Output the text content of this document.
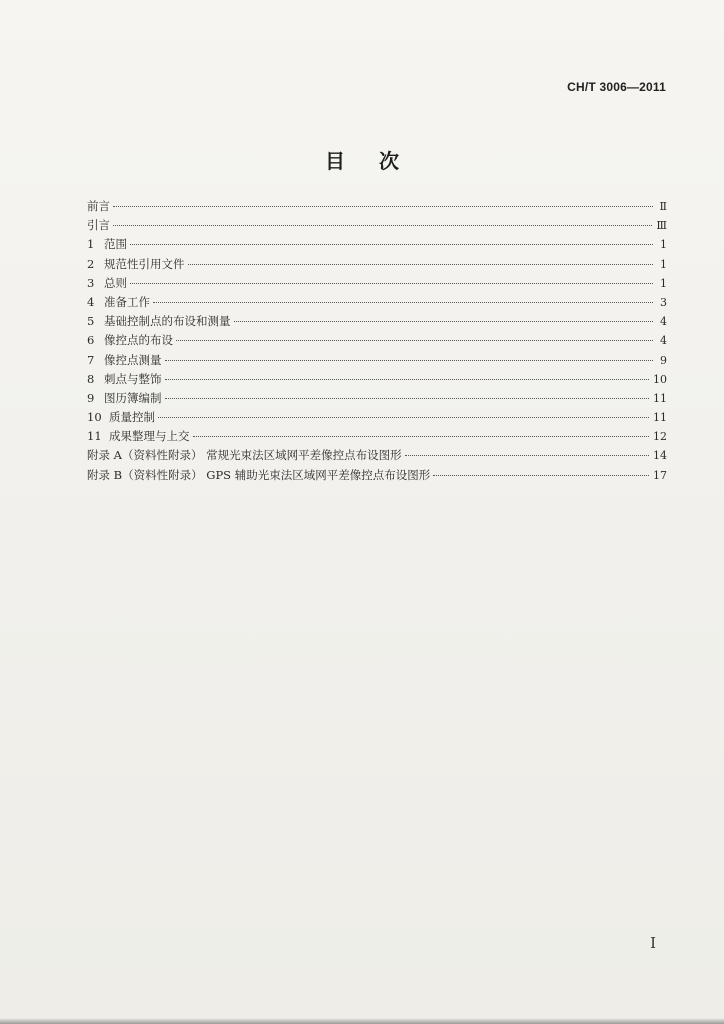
CH/T 3006—2011
目次
前言	Ⅱ
引言	Ⅲ
1 范围	1
2 规范性引用文件	1
3 总则	1
4 准备工作	3
5 基础控制点的布设和测量	4
6 像控点的布设	4
7 像控点测量	9
8 刺点与整饰	10
9 图历簿编制	11
10 质量控制	11
11 成果整理与上交	12
附录 A（资料性附录） 常规光束法区域网平差像控点布设图形	14
附录 B（资料性附录） GPS 辅助光束法区域网平差像控点布设图形	17
Ⅰ
